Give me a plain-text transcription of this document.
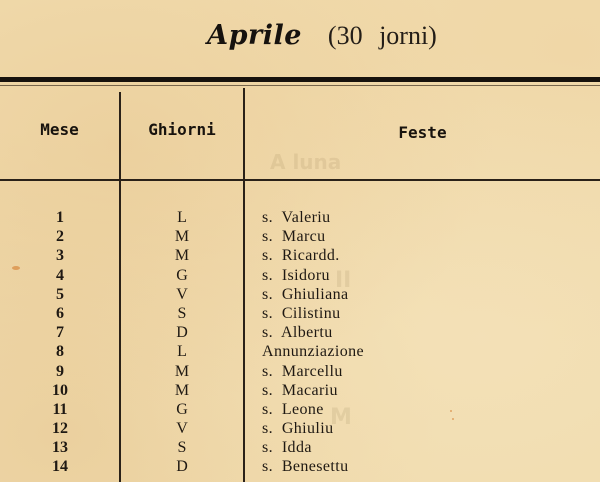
A luna
II
M
Aprile (30 jorni)
Mese	Ghiorni	Feste
1	L	s.  Valeriu
2	M	s.  Marcu
3	M	s.  Ricardd.
4	G	s.  Isidoru
5	V	s.  Ghiuliana
6	S	s.  Cilistinu
7	D	s.  Albertu
8	L	Annunziazione
9	M	s.  Marcellu
10	M	s.  Macariu
11	G	s.  Leone
12	V	s.  Ghiuliu
13	S	s.  Idda
14	D	s.  Benesettu
